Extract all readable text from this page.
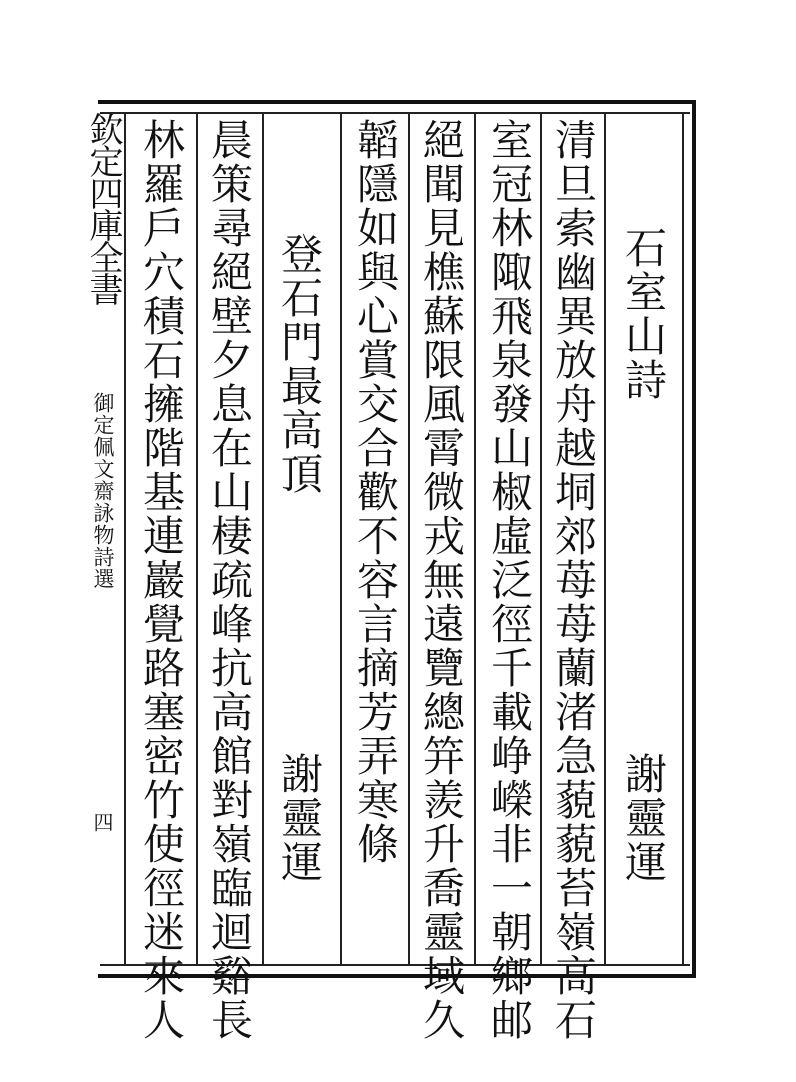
欽定四庫全書
御定佩文齋詠物詩選
四
石室山詩
謝靈運
清旦索幽異放舟越垌郊苺苺蘭渚急藐藐苔嶺高石
室冠林陬飛泉發山椒虛泛徑千載峥嶸非一朝鄉邮
絕聞見樵蘇限風霄微戎無遠覽總笄羨升喬靈域久
韜隱如與心賞交合歡不容言摘芳弄寒條
登石門最高頂
謝靈運
晨策尋絕壁夕息在山棲疏峰抗高館對嶺臨迴谿長
林羅戶穴積石擁階基連巖覺路塞密竹使徑迷來人
